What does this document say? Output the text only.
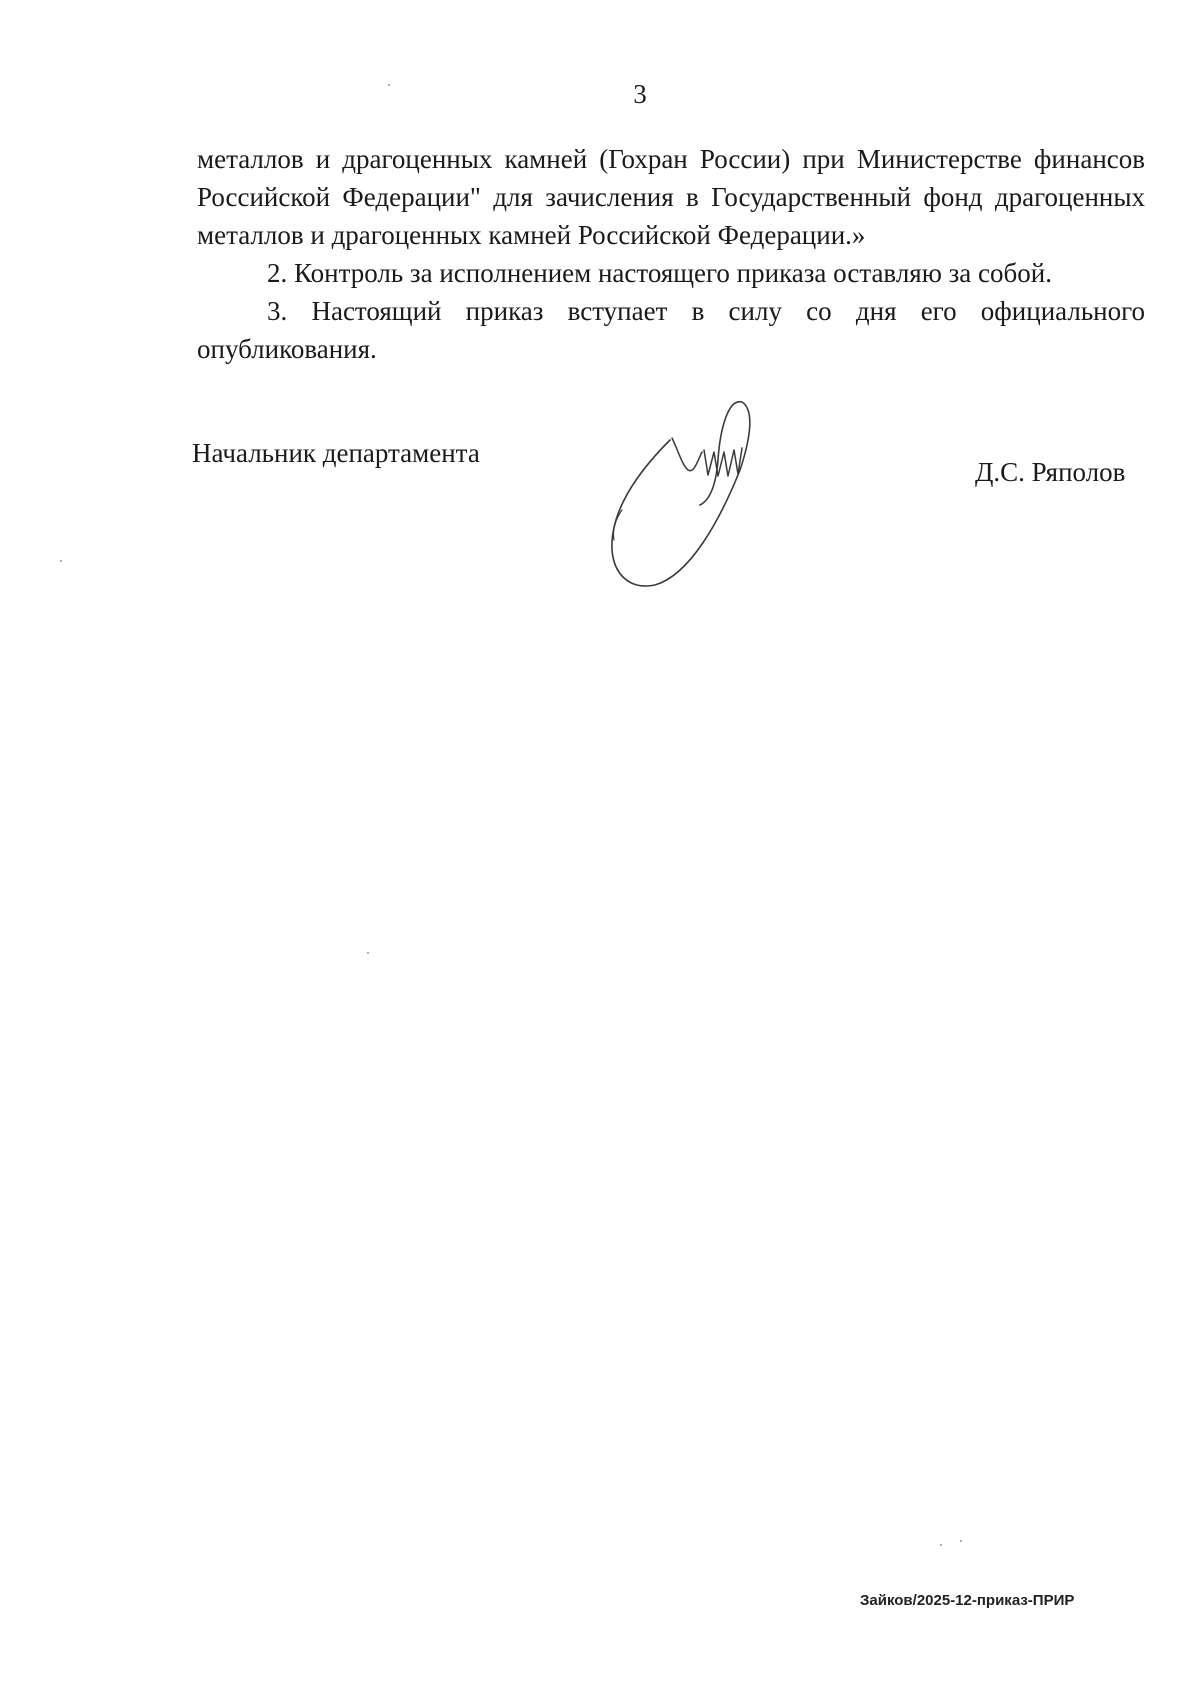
3

металлов и драгоценных камней (Гохран России) при Министерстве финансов Российской Федерации" для зачисления в Государственный фонд драгоценных металлов и драгоценных камней Российской Федерации.»

2. Контроль за исполнением настоящего приказа оставляю за собой.

3. Настоящий приказ вступает в силу со дня его официального опубликования.

Начальник департамента
Д.С. Ряполов
Зайков/2025-12-приказ-ПРИР
